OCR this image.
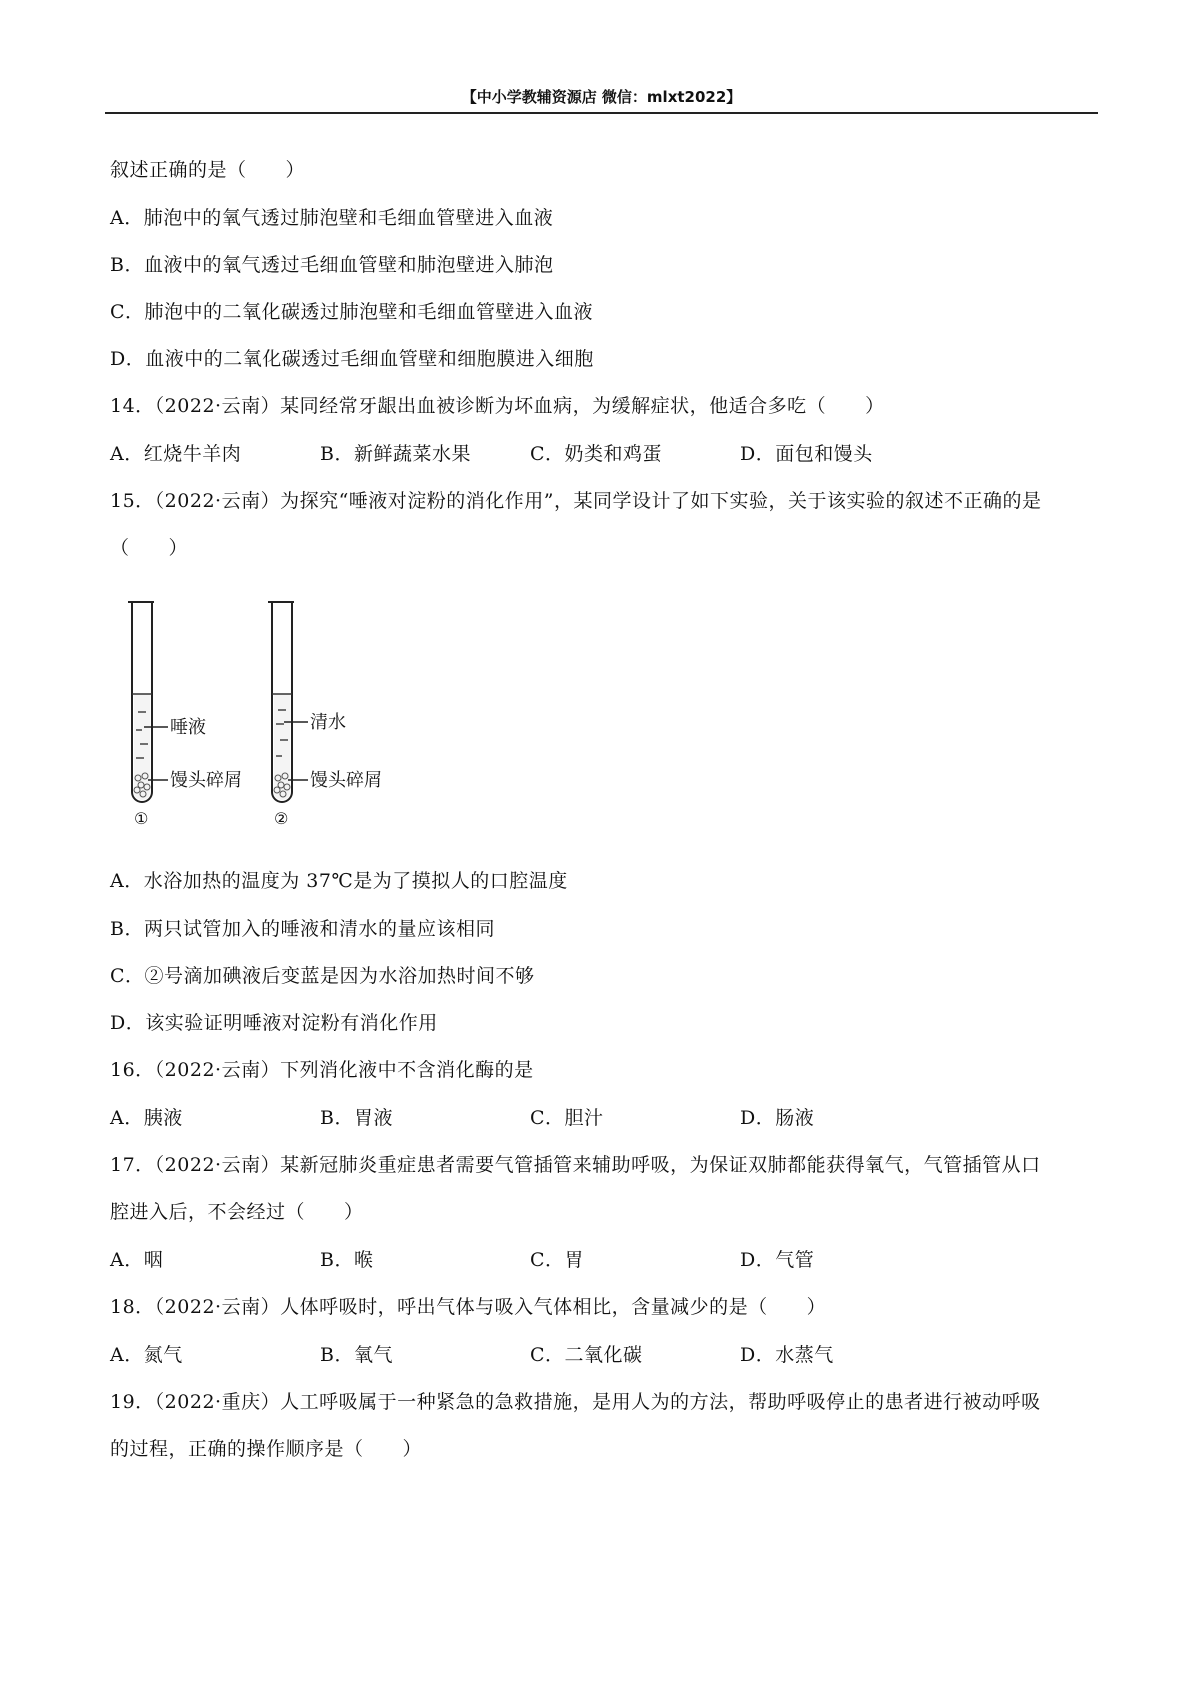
【中小学教辅资源店 微信：mlxt2022】
叙述正确的是（　　）
A．肺泡中的氧气透过肺泡壁和毛细血管壁进入血液
B．血液中的氧气透过毛细血管壁和肺泡壁进入肺泡
C．肺泡中的二氧化碳透过肺泡壁和毛细血管壁进入血液
D．血液中的二氧化碳透过毛细血管壁和细胞膜进入细胞
14．（2022·云南）某同经常牙龈出血被诊断为坏血病，为缓解症状，他适合多吃（　　）
A．红烧牛羊肉	B．新鲜蔬菜水果	C．奶类和鸡蛋	D．面包和馒头
15．（2022·云南）为探究“唾液对淀粉的消化作用”，某同学设计了如下实验，关于该实验的叙述不正确的是
（　　）
唾液
馒头碎屑
①
清水
馒头碎屑
②
A．水浴加热的温度为 37℃是为了摸拟人的口腔温度
B．两只试管加入的唾液和清水的量应该相同
C．②号滴加碘液后变蓝是因为水浴加热时间不够
D．该实验证明唾液对淀粉有消化作用
16．（2022·云南）下列消化液中不含消化酶的是
A．胰液	B．胃液	C．胆汁	D．肠液
17．（2022·云南）某新冠肺炎重症患者需要气管插管来辅助呼吸，为保证双肺都能获得氧气，气管插管从口
腔进入后，不会经过（　　）
A．咽	B．喉	C．胃	D．气管
18．（2022·云南）人体呼吸时，呼出气体与吸入气体相比，含量减少的是（　　）
A．氮气	B．氧气	C．二氧化碳	D．水蒸气
19．（2022·重庆）人工呼吸属于一种紧急的急救措施，是用人为的方法，帮助呼吸停止的患者进行被动呼吸
的过程，正确的操作顺序是（　　）
